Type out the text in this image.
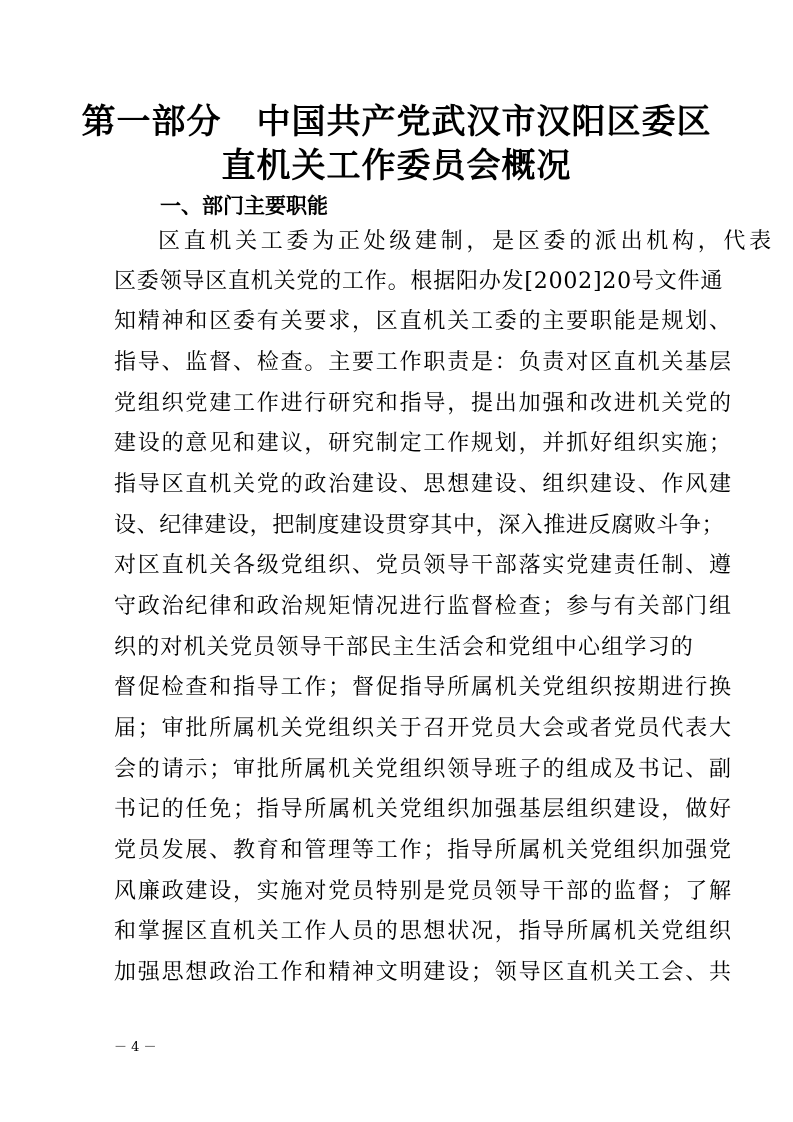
第一部分　中国共产党武汉市汉阳区委区
直机关工作委员会概况
一、部门主要职能
区直机关工委为正处级建制，是区委的派出机构，代表
区委领导区直机关党的工作。根据阳办发[2002]20号文件通
知精神和区委有关要求，区直机关工委的主要职能是规划、
指导、监督、检查。主要工作职责是：负责对区直机关基层
党组织党建工作进行研究和指导，提出加强和改进机关党的
建设的意见和建议，研究制定工作规划，并抓好组织实施；
指导区直机关党的政治建设、思想建设、组织建设、作风建
设、纪律建设，把制度建设贯穿其中，深入推进反腐败斗争；
对区直机关各级党组织、党员领导干部落实党建责任制、遵
守政治纪律和政治规矩情况进行监督检查；参与有关部门组
织的对机关党员领导干部民主生活会和党组中心组学习的
督促检查和指导工作；督促指导所属机关党组织按期进行换
届；审批所属机关党组织关于召开党员大会或者党员代表大
会的请示；审批所属机关党组织领导班子的组成及书记、副
书记的任免；指导所属机关党组织加强基层组织建设，做好
党员发展、教育和管理等工作；指导所属机关党组织加强党
风廉政建设，实施对党员特别是党员领导干部的监督；了解
和掌握区直机关工作人员的思想状况，指导所属机关党组织
加强思想政治工作和精神文明建设；领导区直机关工会、共
－ 4 －
